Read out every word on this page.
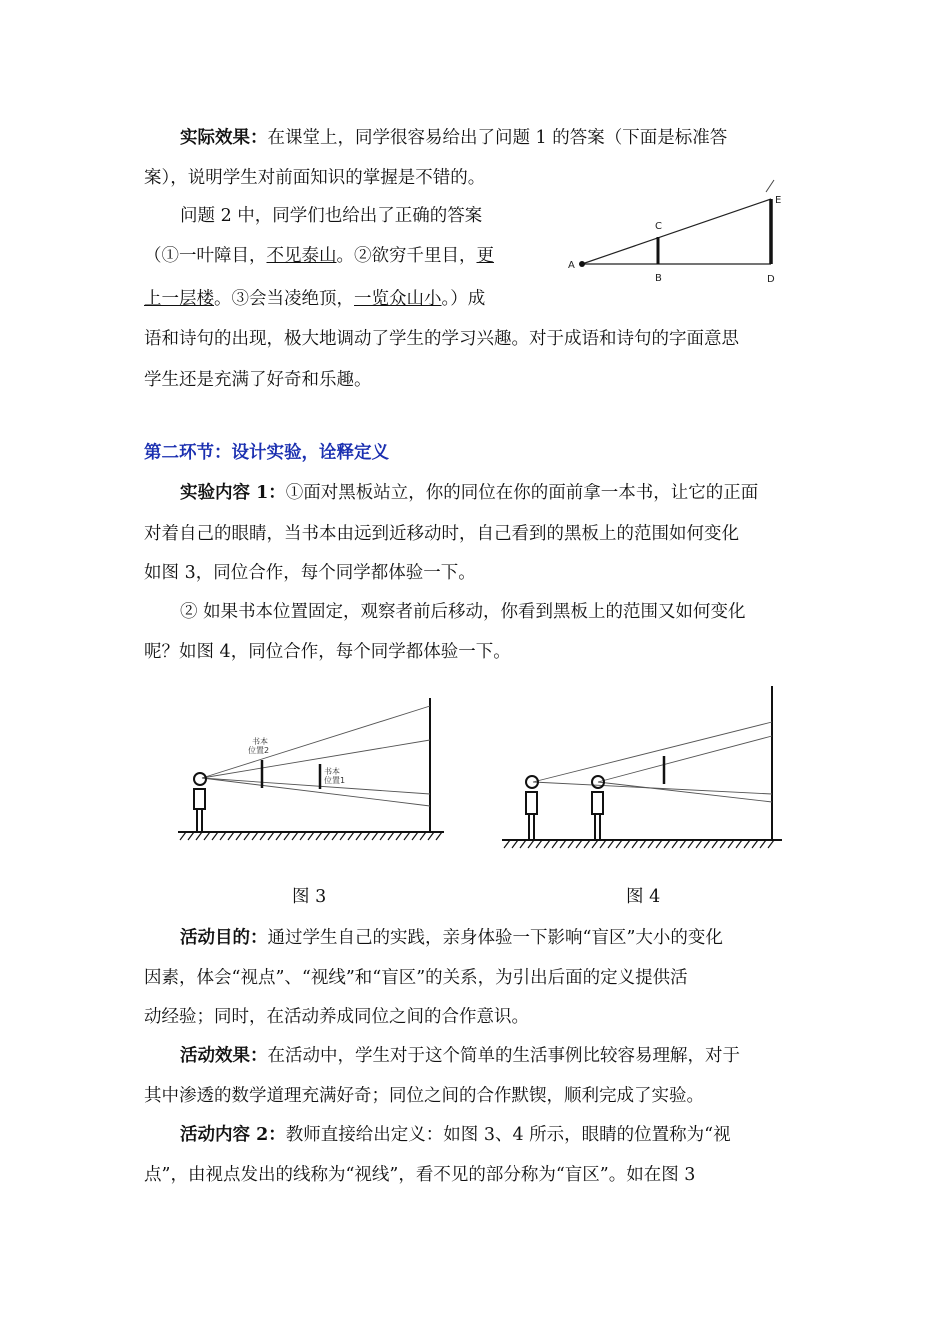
实际效果：在课堂上，同学很容易给出了问题 1 的答案（下面是标准答
案），说明学生对前面知识的掌握是不错的。
问题 2 中，同学们也给出了正确的答案
（①一叶障目，不见泰山。②欲穷千里目，更
上一层楼。③会当凌绝顶，一览众山小。）成
语和诗句的出现，极大地调动了学生的学习兴趣。对于成语和诗句的字面意思
学生还是充满了好奇和乐趣。
A
B
C
D
E
第二环节：设计实验，诠释定义
实验内容 1：①面对黑板站立，你的同位在你的面前拿一本书，让它的正面
对着自己的眼睛，当书本由远到近移动时，自己看到的黑板上的范围如何变化
如图 3，同位合作，每个同学都体验一下。
② 如果书本位置固定，观察者前后移动，你看到黑板上的范围又如何变化
呢？如图 4，同位合作，每个同学都体验一下。
书本
位置2
书本
位置1
图 3	图 4
活动目的：通过学生自己的实践，亲身体验一下影响“盲区”大小的变化
因素，体会“视点”、“视线”和“盲区”的关系，为引出后面的定义提供活
动经验；同时，在活动养成同位之间的合作意识。
活动效果：在活动中，学生对于这个简单的生活事例比较容易理解，对于
其中渗透的数学道理充满好奇；同位之间的合作默锲，顺利完成了实验。
活动内容 2：教师直接给出定义：如图 3、4 所示，眼睛的位置称为“视
点”，由视点发出的线称为“视线”，看不见的部分称为“盲区”。如在图 3
